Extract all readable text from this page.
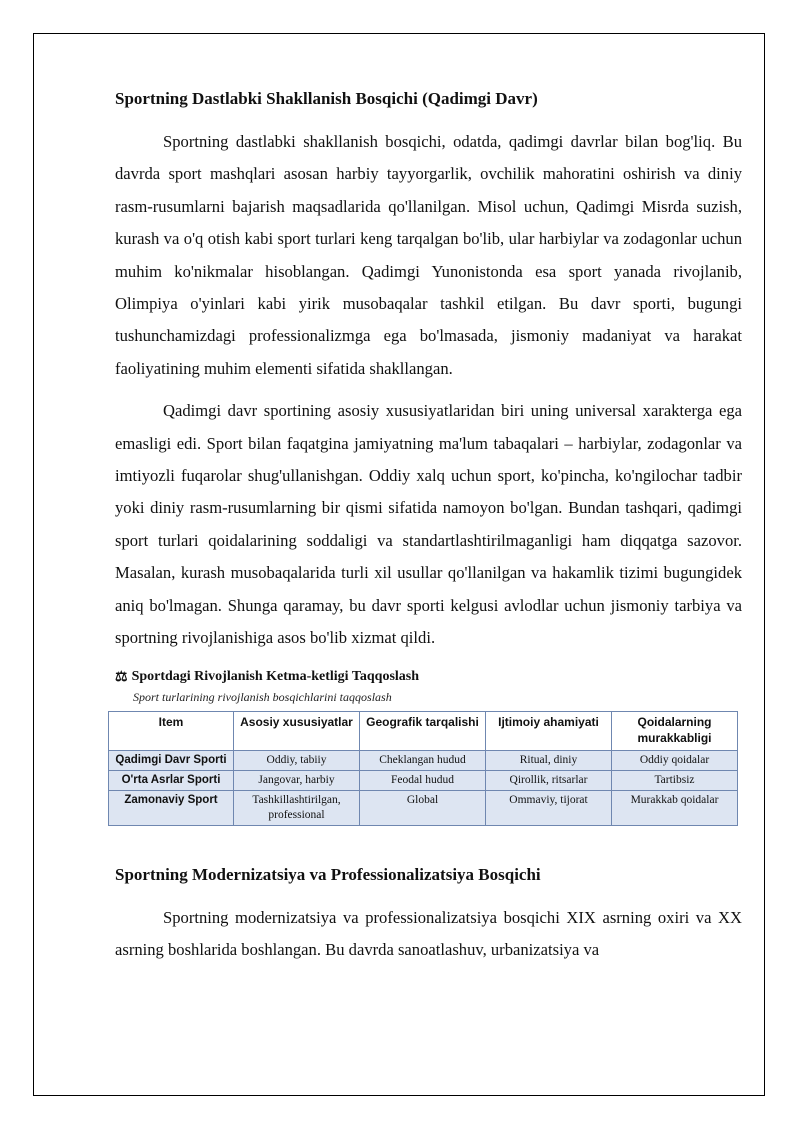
Sportning Dastlabki Shakllanish Bosqichi (Qadimgi Davr)

Sportning dastlabki shakllanish bosqichi, odatda, qadimgi davrlar bilan bog'liq. Bu davrda sport mashqlari asosan harbiy tayyorgarlik, ovchilik mahoratini oshirish va diniy rasm-rusumlarni bajarish maqsadlarida qo'llanilgan. Misol uchun, Qadimgi Misrda suzish, kurash va o'q otish kabi sport turlari keng tarqalgan bo'lib, ular harbiylar va zodagonlar uchun muhim ko'nikmalar hisoblangan. Qadimgi Yunonistonda esa sport yanada rivojlanib, Olimpiya o'yinlari kabi yirik musobaqalar tashkil etilgan. Bu davr sporti, bugungi tushunchamizdagi professionalizmga ega bo'lmasada, jismoniy madaniyat va harakat faoliyatining muhim elementi sifatida shakllangan.

Qadimgi davr sportining asosiy xususiyatlaridan biri uning universal xarakterga ega emasligi edi. Sport bilan faqatgina jamiyatning ma'lum tabaqalari – harbiylar, zodagonlar va imtiyozli fuqarolar shug'ullanishgan. Oddiy xalq uchun sport, ko'pincha, ko'ngilochar tadbir yoki diniy rasm-rusumlarning bir qismi sifatida namoyon bo'lgan. Bundan tashqari, qadimgi sport turlari qoidalarining soddaligi va standartlashtirilmaganligi ham diqqatga sazovor. Masalan, kurash musobaqalarida turli xil usullar qo'llanilgan va hakamlik tizimi bugungidek aniq bo'lmagan. Shunga qaramay, bu davr sporti kelgusi avlodlar uchun jismoniy tarbiya va sportning rivojlanishiga asos bo'lib xizmat qildi.

⚖ Sportdagi Rivojlanish Ketma-ketligi Taqqoslash
Sport turlarining rivojlanish bosqichlarini taqqoslash
Item	Asosiy xususiyatlar	Geografik tarqalishi	Ijtimoiy ahamiyati	Qoidalarning murakkabligi
Qadimgi Davr Sporti	Oddiy, tabiiy	Cheklangan hudud	Ritual, diniy	Oddiy qoidalar
O'rta Asrlar Sporti	Jangovar, harbiy	Feodal hudud	Qirollik, ritsarlar	Tartibsiz
Zamonaviy Sport	Tashkillashtirilgan, professional	Global	Ommaviy, tijorat	Murakkab qoidalar
Sportning Modernizatsiya va Professionalizatsiya Bosqichi

Sportning modernizatsiya va professionalizatsiya bosqichi XIX asrning oxiri va XX asrning boshlarida boshlangan. Bu davrda sanoatlashuv, urbanizatsiya va
